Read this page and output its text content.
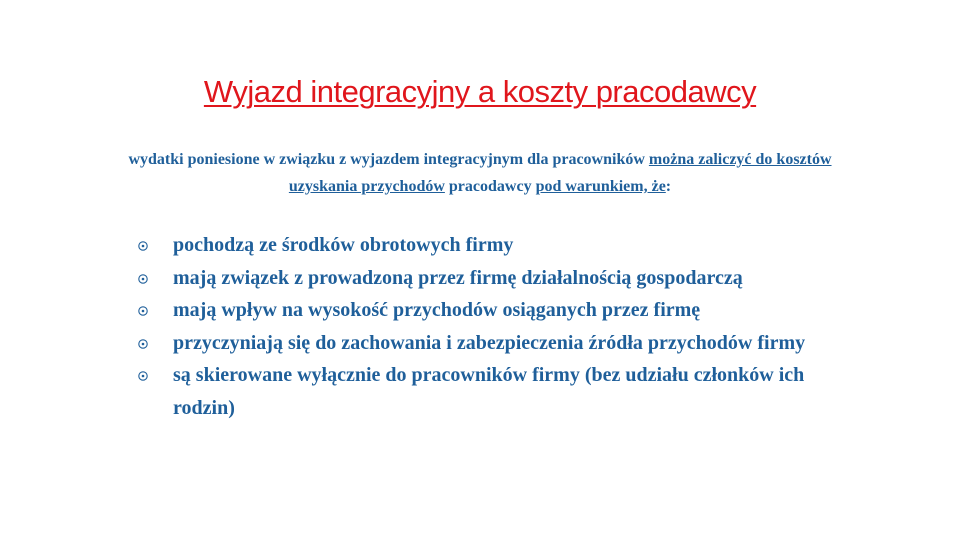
Wyjazd integracyjny a koszty pracodawcy
wydatki poniesione w związku z wyjazdem integracyjnym dla pracowników można zaliczyć do kosztów uzyskania przychodów pracodawcy pod warunkiem, że:
pochodzą ze środków obrotowych firmy
mają związek z prowadzoną przez firmę działalnością gospodarczą
mają wpływ na wysokość przychodów osiąganych przez firmę
przyczyniają się do zachowania i zabezpieczenia źródła przychodów firmy
są skierowane wyłącznie do pracowników firmy (bez udziału członków ich rodzin)
